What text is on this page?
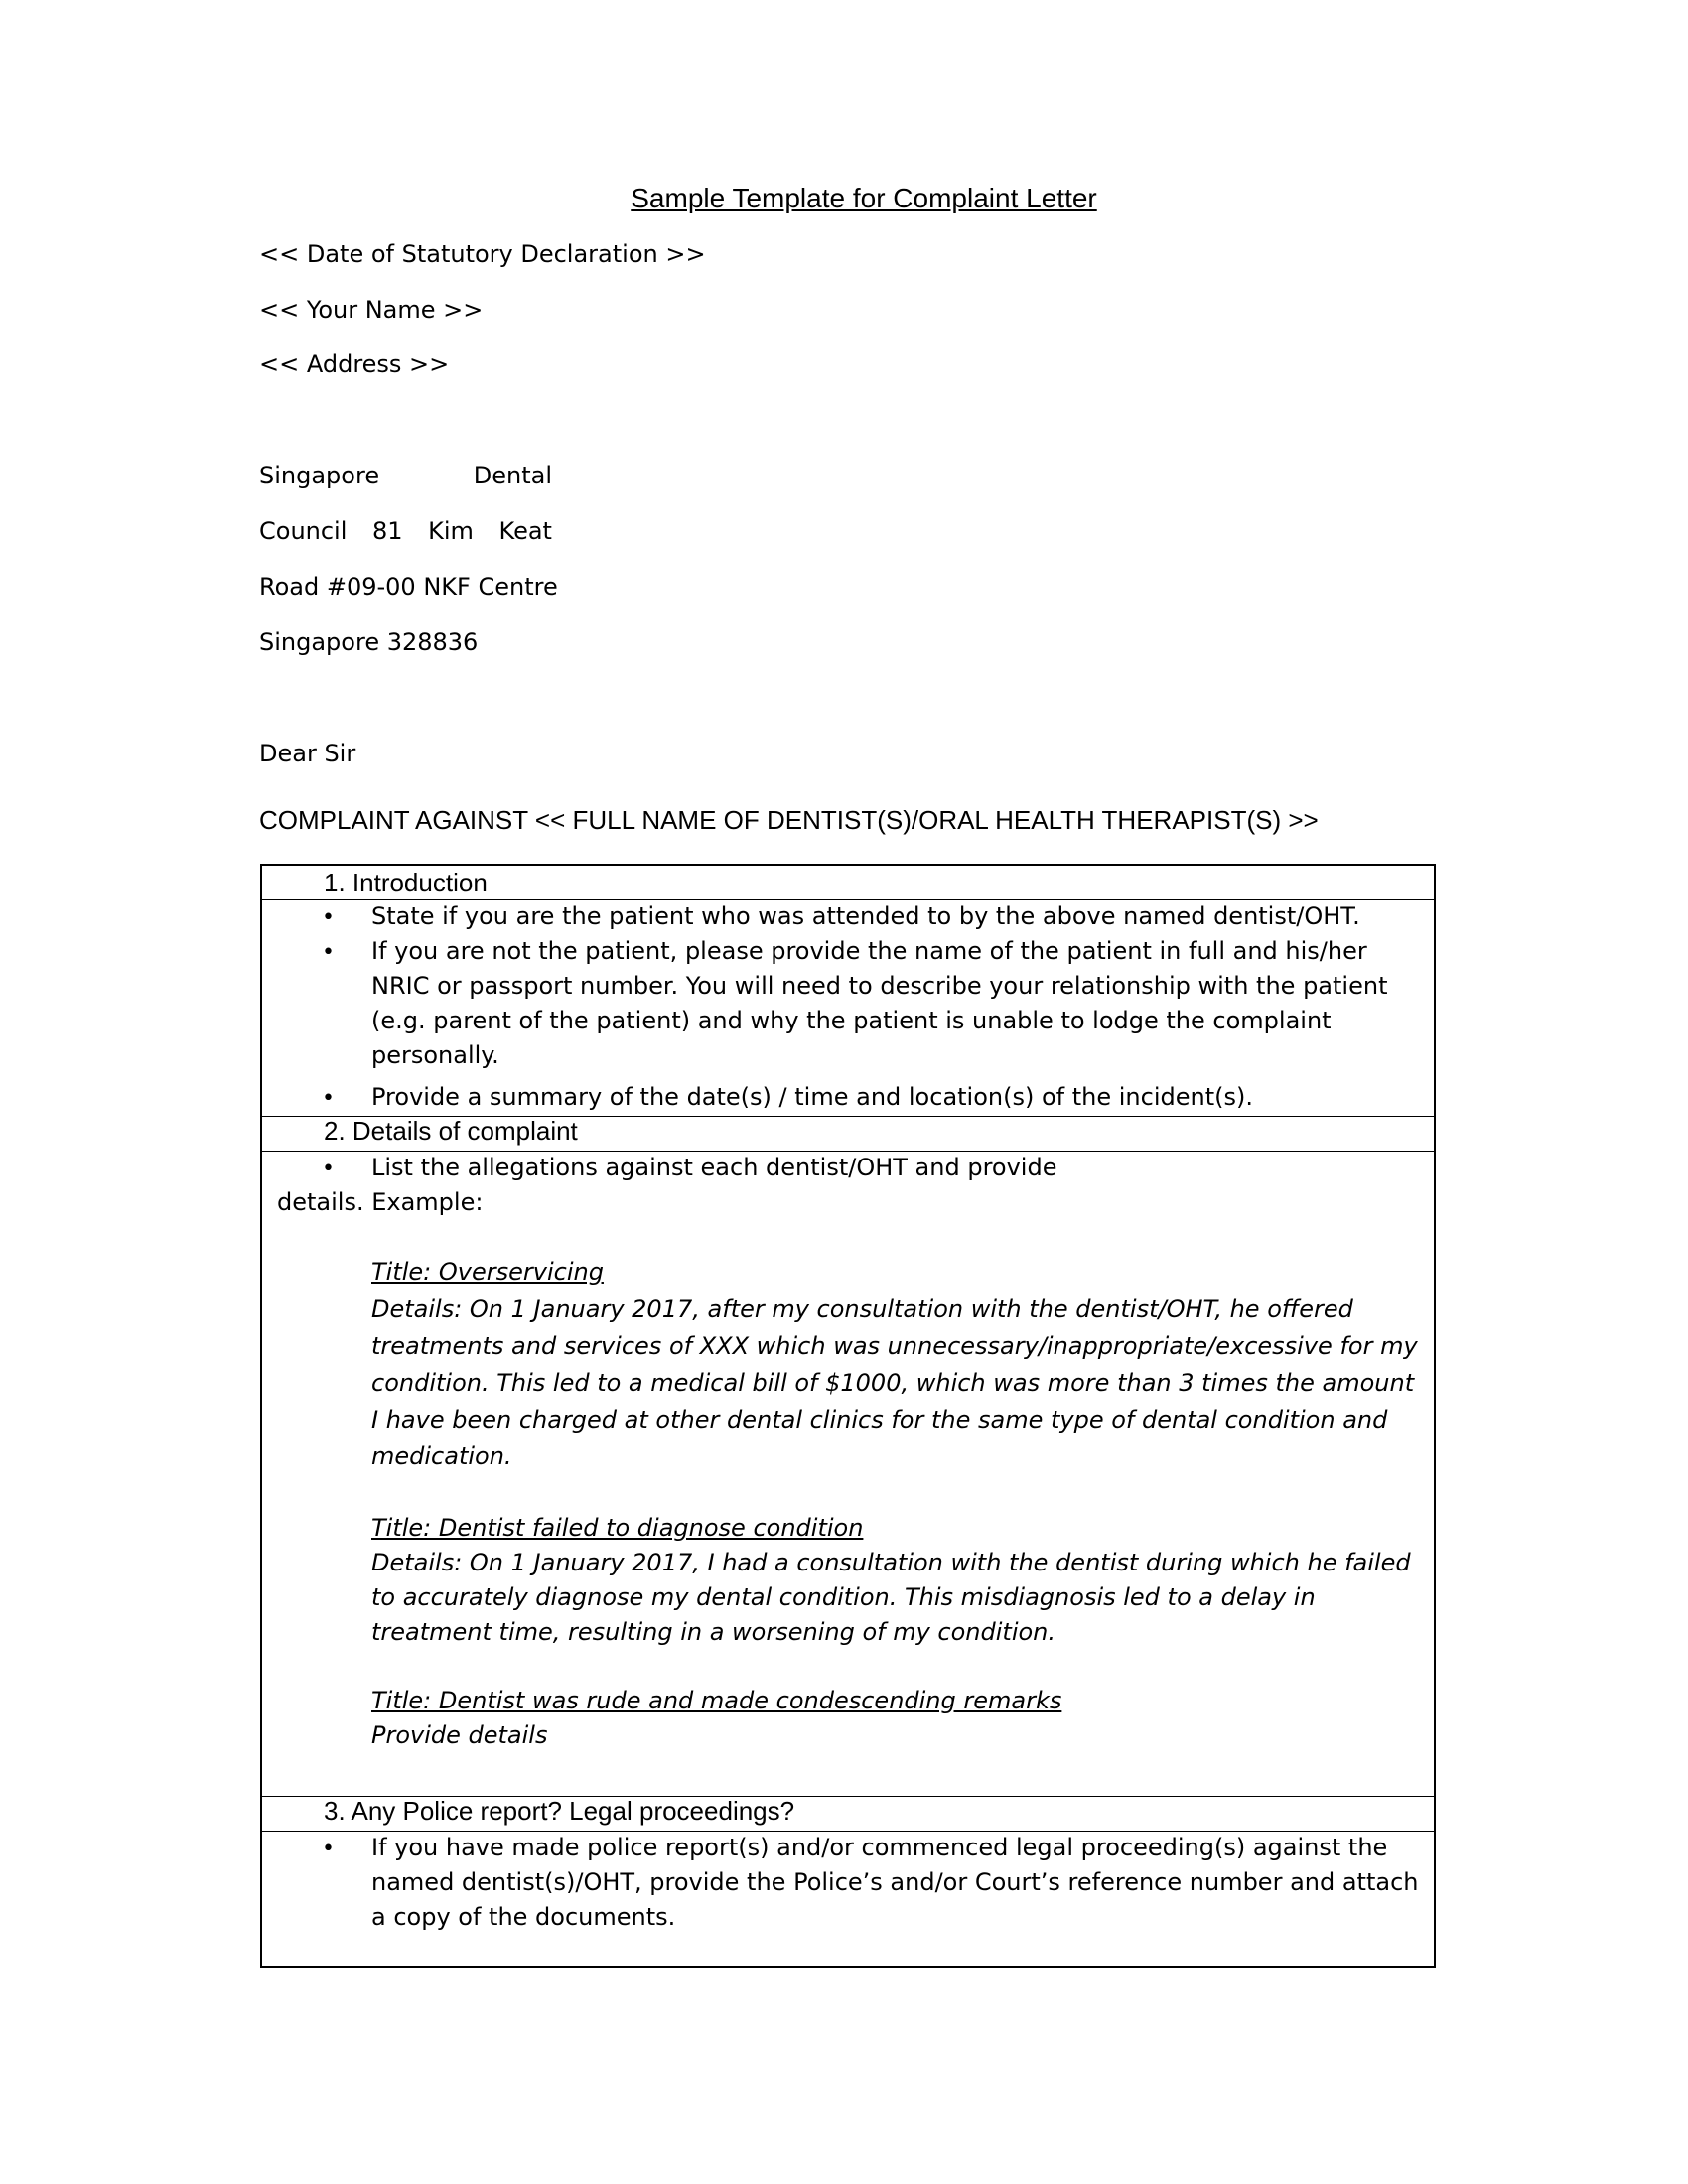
Sample Template for Complaint Letter
<< Date of Statutory Declaration >>
<< Your Name >>
<< Address >>
Singapore	Dental
Council 81 Kim Keat
Road #09-00 NKF Centre
Singapore 328836
Dear Sir
COMPLAINT AGAINST << FULL NAME OF DENTIST(S)/ORAL HEALTH THERAPIST(S) >>
1. Introduction
• State if you are the patient who was attended to by the above named dentist/OHT.
• If you are not the patient, please provide the name of the patient in full and his/her NRIC or passport number. You will need to describe your relationship with the patient (e.g. parent of the patient) and why the patient is unable to lodge the complaint personally.
• Provide a summary of the date(s) / time and location(s) of the incident(s).
2. Details of complaint
• List the allegations against each dentist/OHT and provide
details. Example:
Title: Overservicing
Details: On 1 January 2017, after my consultation with the dentist/OHT, he offered treatments and services of XXX which was unnecessary/inappropriate/excessive for my condition. This led to a medical bill of $1000, which was more than 3 times the amount I have been charged at other dental clinics for the same type of dental condition and medication.
Title: Dentist failed to diagnose condition
Details: On 1 January 2017, I had a consultation with the dentist during which he failed to accurately diagnose my dental condition. This misdiagnosis led to a delay in treatment time, resulting in a worsening of my condition.
Title: Dentist was rude and made condescending remarks
Provide details
3. Any Police report? Legal proceedings?
• If you have made police report(s) and/or commenced legal proceeding(s) against the named dentist(s)/OHT, provide the Police’s and/or Court’s reference number and attach a copy of the documents.
